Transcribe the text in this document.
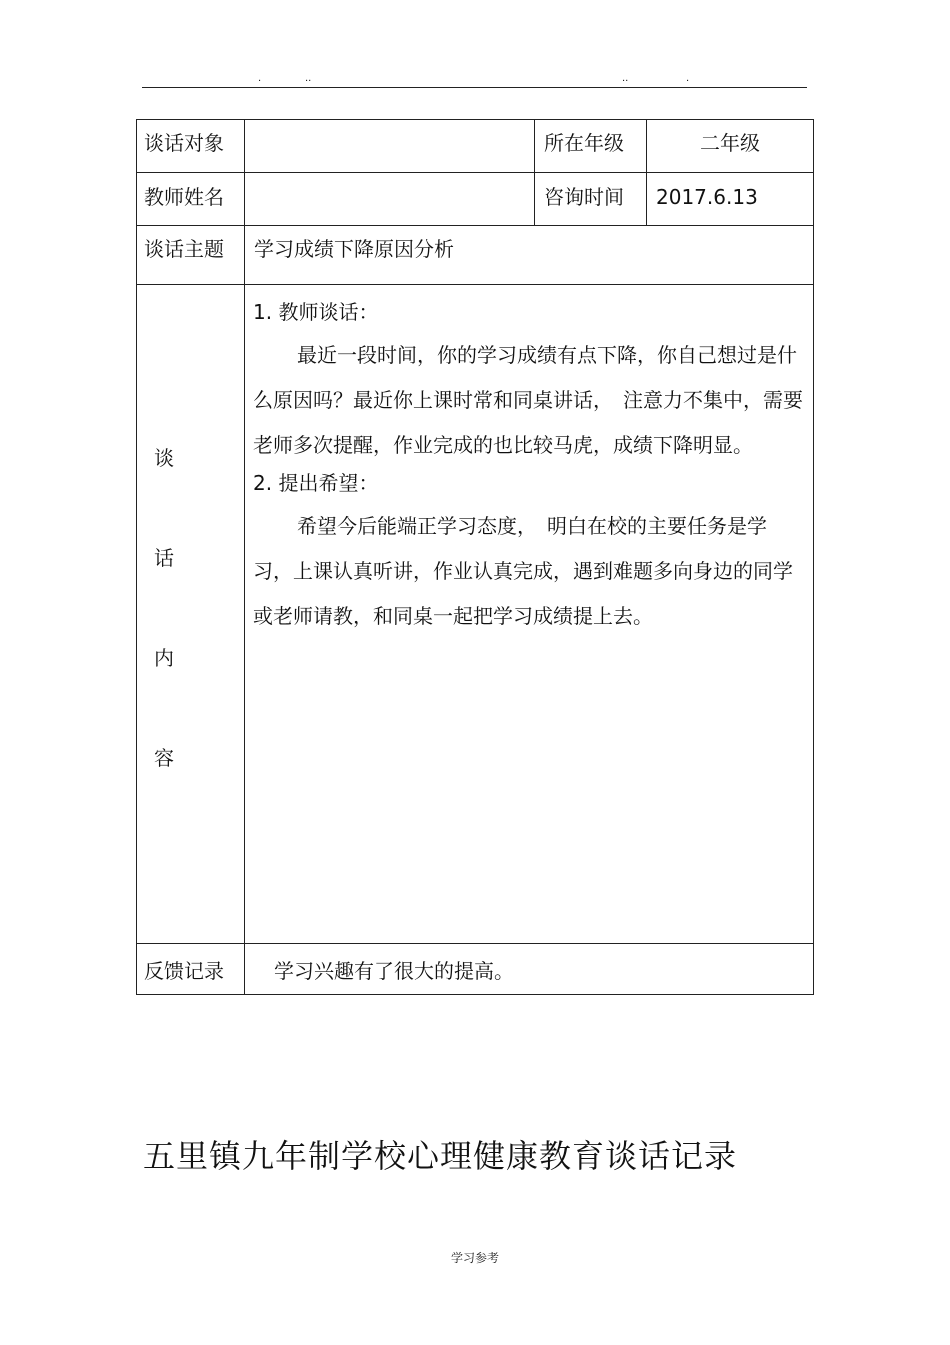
.	..	..	.
谈话对象	所在年级	二年级
教师姓名	咨询时间 2017.6.13
谈话主题 学习成绩下降原因分析
谈
话
内
容

1. 教师谈话：

最近一段时间，你的学习成绩有点下降，你自己想过是什么原因吗？最近你上课时常和同桌讲话，　注意力不集中，需要老师多次提醒，作业完成的也比较马虎，成绩下降明显。

2. 提出希望：

希望今后能端正学习态度，　明白在校的主要任务是学习，上课认真听讲，作业认真完成，遇到难题多向身边的同学或老师请教，和同桌一起把学习成绩提上去。

反馈记录	学习兴趣有了很大的提高。
五里镇九年制学校心理健康教育谈话记录
学习参考
